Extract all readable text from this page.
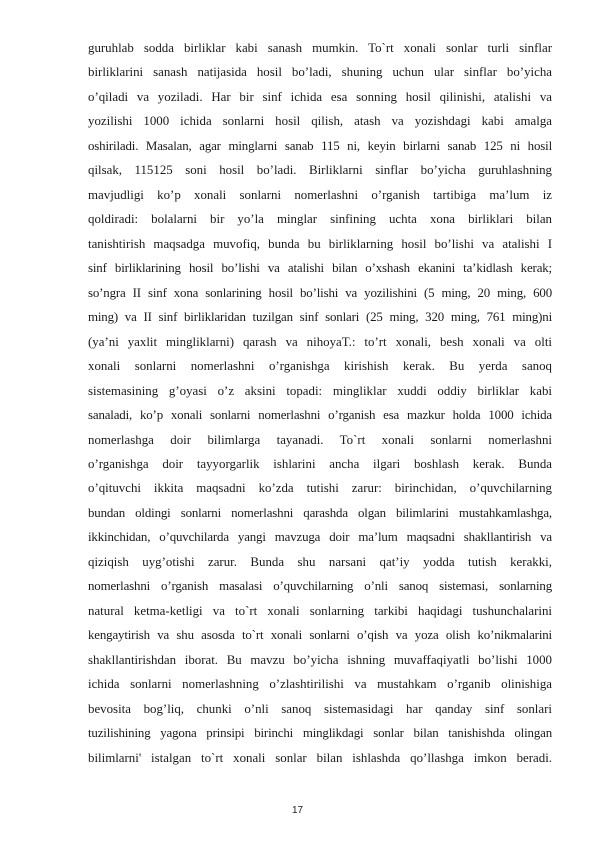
guruhlab sodda birliklar kabi sanash mumkin. To`rt xonali sonlar turli sinflar
birliklarini sanash natijasida hosil bo’ladi, shuning uchun ular sinflar bo’yicha
o’qiladi va yoziladi. Har bir sinf ichida esa sonning hosil qilinishi, atalishi va
yozilishi 1000 ichida sonlarni hosil qilish, atash va yozishdagi kabi amalga
oshiriladi. Masalan, agar minglarni sanab 115 ni, keyin birlarni sanab 125 ni hosil
qilsak, 115125 soni hosil bo’ladi. Birliklarni sinflar bo’yicha guruhlashning
mavjudligi ko’p xonali sonlarni nomerlashni o’rganish tartibiga ma’lum iz
qoldiradi: bolalarni bir yo’la minglar sinfining uchta xona birliklari bilan
tanishtirish maqsadga muvofiq, bunda bu birliklarning hosil bo’lishi va atalishi I
sinf birliklarining hosil bo’lishi va atalishi bilan o’xshash ekanini ta’kidlash kerak;
so’ngra II sinf xona sonlarining hosil bo’lishi va yozilishini (5 ming, 20 ming, 600
ming) va II sinf birliklaridan tuzilgan sinf sonlari (25 ming, 320 ming, 761 ming)ni
(ya’ni yaxlit mingliklarni) qarash va nihoyaT.: to’rt xonali, besh xonali va olti
xonali sonlarni nomerlashni o’rganishga kirishish kerak. Bu yerda sanoq
sistemasining g’oyasi o’z aksini topadi: mingliklar xuddi oddiy birliklar kabi
sanaladi, ko’p xonali sonlarni nomerlashni o’rganish esa mazkur holda 1000 ichida
nomerlashga doir bilimlarga tayanadi. To`rt xonali sonlarni nomerlashni
o’rganishga doir tayyorgarlik ishlarini ancha ilgari boshlash kerak. Bunda
o’qituvchi ikkita maqsadni ko’zda tutishi zarur: birinchidan, o’quvchilarning
bundan oldingi sonlarni nomerlashni qarashda olgan bilimlarini mustahkamlashga,
ikkinchidan, o’quvchilarda yangi mavzuga doir ma’lum maqsadni shakllantirish va
qiziqish uyg’otishi zarur. Bunda shu narsani qat’iy yodda tutish kerakki,
nomerlashni o’rganish masalasi o’quvchilarning o’nli sanoq sistemasi, sonlarning
natural ketma-ketligi va to`rt xonali sonlarning tarkibi haqidagi tushunchalarini
kengaytirish va shu asosda to`rt xonali sonlarni o’qish va yoza olish ko’nikmalarini
shakllantirishdan iborat. Bu mavzu bo’yicha ishning muvaffaqiyatli bo’lishi 1000
ichida sonlarni nomerlashning o’zlashtirilishi va mustahkam o’rganib olinishiga
bevosita bog’liq, chunki o’nli sanoq sistemasidagi har qanday sinf sonlari
tuzilishining yagona prinsipi birinchi minglikdagi sonlar bilan tanishishda olingan
bilimlarni' istalgan to`rt xonali sonlar bilan ishlashda qo’llashga imkon beradi.
17
